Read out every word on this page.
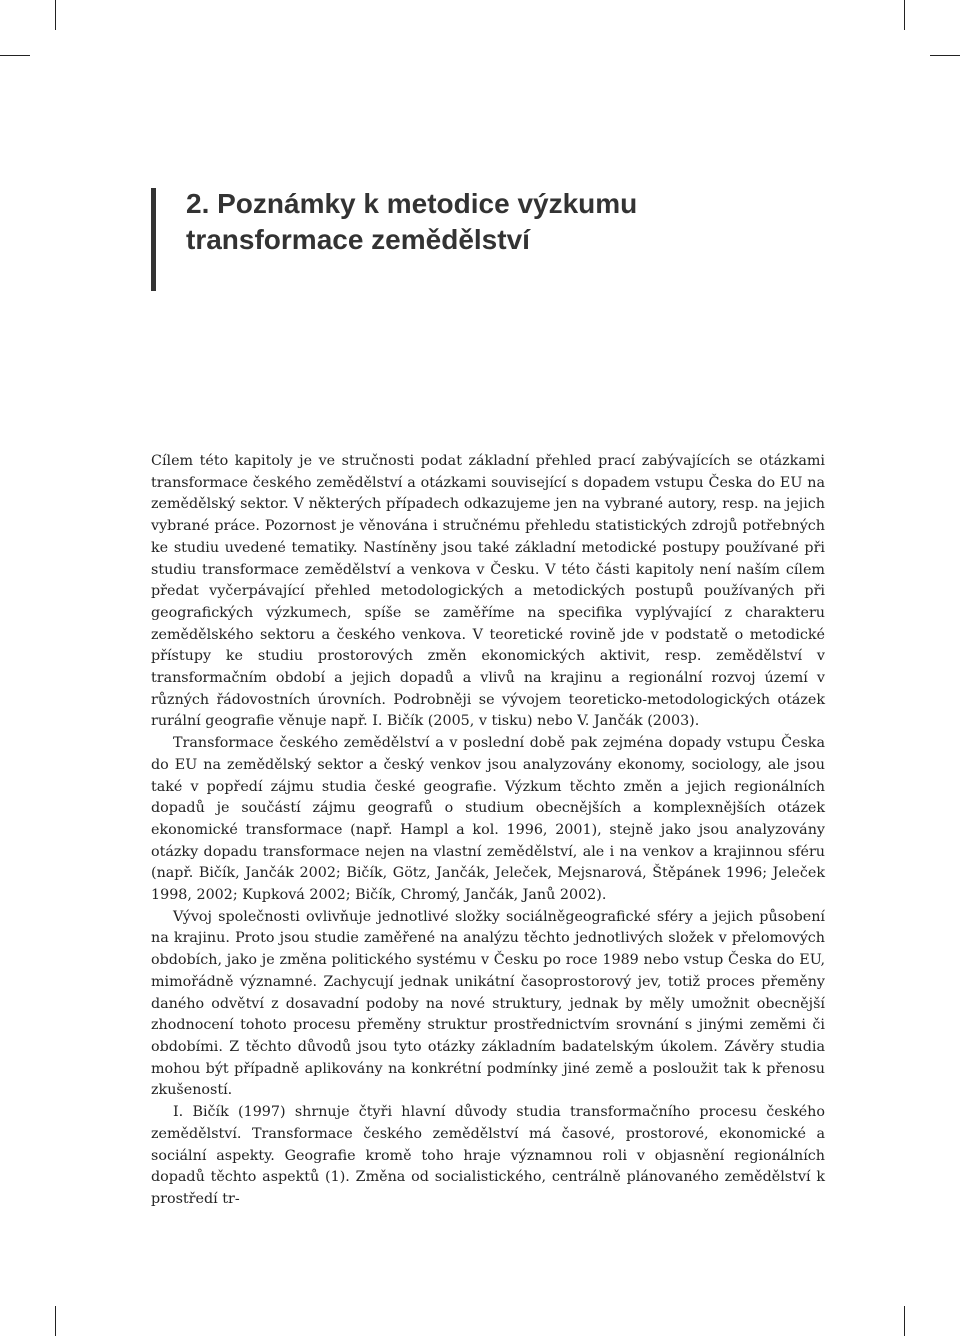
2. Poznámky k metodice výzkumu
transformace zemědělství

Cílem této kapitoly je ve stručnosti podat základní přehled prací zabývajících se otázkami transformace českého zemědělství a otázkami související s dopadem vstupu Česka do EU na zemědělský sektor. V některých případech odkazujeme jen na vybrané autory, resp. na jejich vybrané práce. Pozornost je věnována i stručnému přehledu statistických zdrojů potřebných ke studiu uvedené tematiky. Nastíněny jsou také základní metodické postupy používané při studiu transformace zemědělství a venkova v Česku. V této části kapitoly není naším cílem předat vyčerpávající přehled metodologických a metodických postupů používaných při geografických výzkumech, spíše se zaměříme na specifika vyplývající z charakteru zemědělského sektoru a českého venkova. V teoretické rovině jde v podstatě o metodické přístupy ke studiu prostorových změn ekonomických aktivit, resp. zemědělství v transformačním období a jejich dopadů a vlivů na krajinu a regionální rozvoj území v různých řádovostních úrovních. Podrobněji se vývojem teoreticko-metodologických otázek rurální geografie věnuje např. I. Bičík (2005, v tisku) nebo V. Jančák (2003).

Transformace českého zemědělství a v poslední době pak zejména dopady vstupu Česka do EU na zemědělský sektor a český venkov jsou analyzovány ekonomy, sociology, ale jsou také v popředí zájmu studia české geografie. Výzkum těchto změn a jejich regionálních dopadů je součástí zájmu geografů o studium obecnějších a komplexnějších otázek ekonomické transformace (např. Hampl a kol. 1996, 2001), stejně jako jsou analyzovány otázky dopadu transformace nejen na vlastní zemědělství, ale i na venkov a krajinnou sféru (např. Bičík, Jančák 2002; Bičík, Götz, Jančák, Jeleček, Mejsnarová, Štěpánek 1996; Jeleček 1998, 2002; Kupková 2002; Bičík, Chromý, Jančák, Janů 2002).

Vývoj společnosti ovlivňuje jednotlivé složky sociálněgeografické sféry a jejich působení na krajinu. Proto jsou studie zaměřené na analýzu těchto jednotlivých složek v přelomových obdobích, jako je změna politického systému v Česku po roce 1989 nebo vstup Česka do EU, mimořádně významné. Zachycují jednak unikátní časoprostorový jev, totiž proces přeměny daného odvětví z dosavadní podoby na nové struktury, jednak by měly umožnit obecnější zhodnocení tohoto procesu přeměny struktur prostřednictvím srovnání s jinými zeměmi či obdobími. Z těchto důvodů jsou tyto otázky základním badatelským úkolem. Závěry studia mohou být případně aplikovány na konkrétní podmínky jiné země a posloužit tak k přenosu zkušeností.

I. Bičík (1997) shrnuje čtyři hlavní důvody studia transformačního procesu českého zemědělství. Transformace českého zemědělství má časové, prostorové, ekonomické a sociální aspekty. Geografie kromě toho hraje významnou roli v objasnění regionálních dopadů těchto aspektů (1). Změna od socialistického, centrálně plánovaného zemědělství k prostředí tr-
